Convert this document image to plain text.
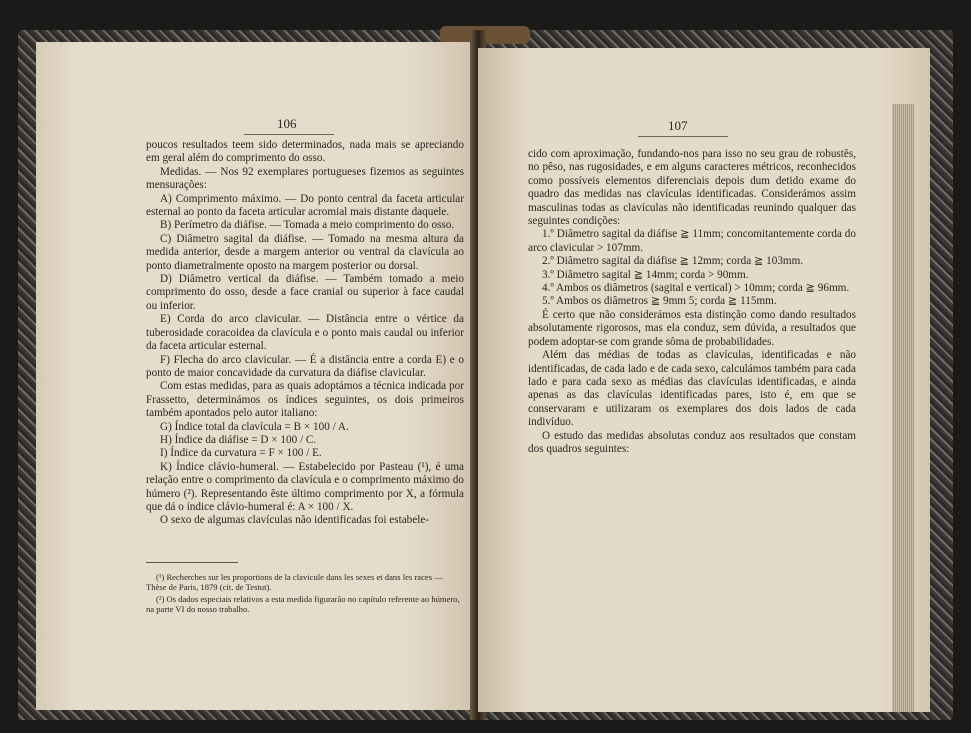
106

poucos resultados teem sido determinados, nada mais se apreciando em geral além do comprimento do osso.

Medidas. — Nos 92 exemplares portugueses fizemos as seguintes mensurações:

A) Comprimento máximo. — Do ponto central da faceta articular esternal ao ponto da faceta articular acromial mais distante daquele.

B) Perímetro da diáfise. — Tomada a meio comprimento do osso.

C) Diâmetro sagital da diáfise. — Tomado na mesma altura da medida anterior, desde a margem anterior ou ventral da clavícula ao ponto diametralmente oposto na margem posterior ou dorsal.

D) Diâmetro vertical da diáfise. — Também tomado a meio comprimento do osso, desde a face cranial ou superior à face caudal ou inferior.

E) Corda do arco clavicular. — Distância entre o vértice da tuberosidade coracoidea da clavícula e o ponto mais caudal ou inferior da faceta articular esternal.

F) Flecha do arco clavicular. — É a distância entre a corda E) e o ponto de maior concavidade da curvatura da diáfise clavicular.

Com estas medidas, para as quais adoptámos a técnica indicada por Frassetto, determinámos os índices seguintes, os dois primeiros também apontados pelo autor italiano:

G) Índice total da clavícula = B × 100 / A.

H) Índice da diáfise = D × 100 / C.

I) Índice da curvatura = F × 100 / E.

K) Índice clávio-humeral. — Estabelecido por Pasteau (¹), é uma relação entre o comprimento da clavícula e o comprimento máximo do húmero (²). Representando êste último comprimento por X, a fórmula que dá o índice clávio-humeral é: A × 100 / X.

O sexo de algumas clavículas não identificadas foi estabele-

(¹) Recherches sur les proportions de la clavicule dans les sexes et dans les races — Thèse de Paris, 1879 (cit. de Testut).

(²) Os dados especiais relativos a esta medida figurarão no capítulo referente ao húmero, na parte VI do nosso trabalho.

107

cido com aproximação, fundando-nos para isso no seu grau de robustês, no pêso, nas rugosidades, e em alguns caracteres métricos, reconhecidos como possíveis elementos diferenciais depois dum detido exame do quadro das medidas nas clavículas identificadas. Considerámos assim masculinas todas as clavículas não identificadas reunindo qualquer das seguintes condições:

1.º Diâmetro sagital da diáfise ≧ 11mm; concomitantemente corda do arco clavicular > 107mm.

2.º Diâmetro sagital da diáfise ≧ 12mm; corda ≧ 103mm.

3.º Diâmetro sagital ≧ 14mm; corda > 90mm.

4.º Ambos os diâmetros (sagital e vertical) > 10mm; corda ≧ 96mm.

5.º Ambos os diâmetros ≧ 9mm 5; corda ≧ 115mm.

É certo que não considerámos esta distinção como dando resultados absolutamente rigorosos, mas ela conduz, sem dúvida, a resultados que podem adoptar-se com grande sôma de probabilidades.

Além das médias de todas as clavículas, identificadas e não identificadas, de cada lado e de cada sexo, calculámos também para cada lado e para cada sexo as médias das clavículas identificadas, e ainda apenas as das clavículas identificadas pares, isto é, em que se conservaram e utilizaram os exemplares dos dois lados de cada indivíduo.

O estudo das medidas absolutas conduz aos resultados que constam dos quadros seguintes:
